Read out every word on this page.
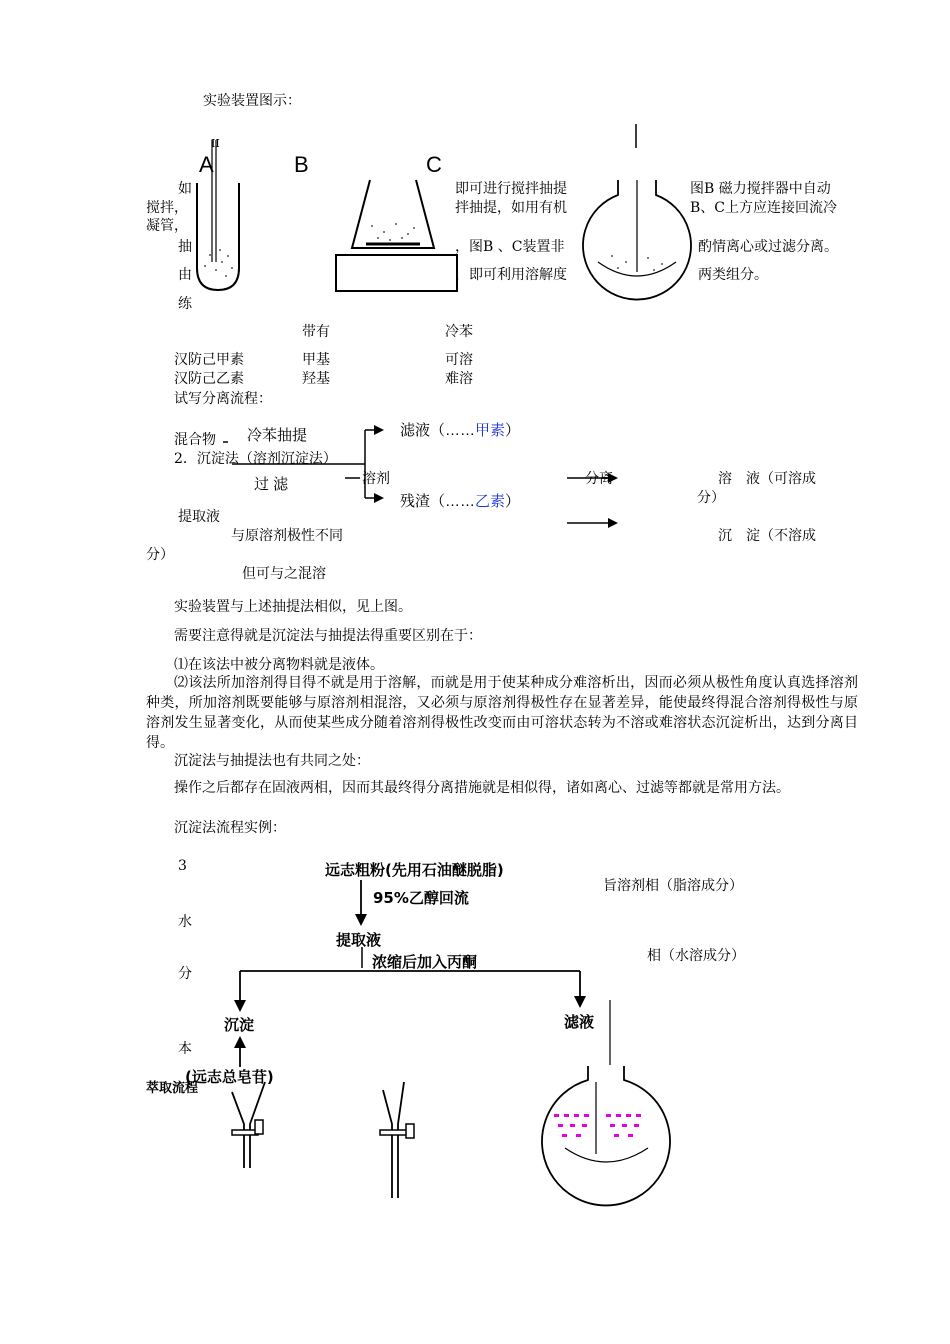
实验装置图示：
II
A	B	C
如	即可进行搅拌抽提	图B 磁力搅拌器中自动
搅拌，	拌抽提，如用有机	B、C上方应连接回流冷
凝管，
抽	，图B 、C装置非	酌情离心或过滤分离。
由	，即可利用溶解度	两类组分。
练
带有	冷苯
汉防己甲素	甲基	可溶
汉防己乙素	羟基	难溶
试写分离流程：
混合物 冷苯抽提
2．沉淀法（溶剂沉淀法）
滤液（……甲素）
溶剂	分离	溶　液（可溶成
分）
过 滤
残渣（……乙素）
提取液
与原溶剂极性不同	沉　淀（不溶成
分）
但可与之混溶
实验装置与上述抽提法相似，见上图。
需要注意得就是沉淀法与抽提法得重要区别在于：
⑴在该法中被分离物料就是液体。
⑵该法所加溶剂得目得不就是用于溶解，而就是用于使某种成分难溶析出，因而必须从极性角度认真选择溶剂种类，所加溶剂既要能够与原溶剂相混溶，又必须与原溶剂得极性存在显著差异，能使最终得混合溶剂得极性与原溶剂发生显著变化，从而使某些成分随着溶剂得极性改变而由可溶状态转为不溶或难溶状态沉淀析出，达到分离目得。
沉淀法与抽提法也有共同之处：
操作之后都存在固液两相，因而其最终得分离措施就是相似得，诸如离心、过滤等都就是常用方法。
沉淀法流程实例：
3
水
分
本
旨溶剂相（脂溶成分）
相（水溶成分）
远志粗粉(先用石油醚脱脂)
95%乙醇回流
提取液
浓缩后加入丙酮
沉淀	滤液
(远志总皂苷)
萃取流程
